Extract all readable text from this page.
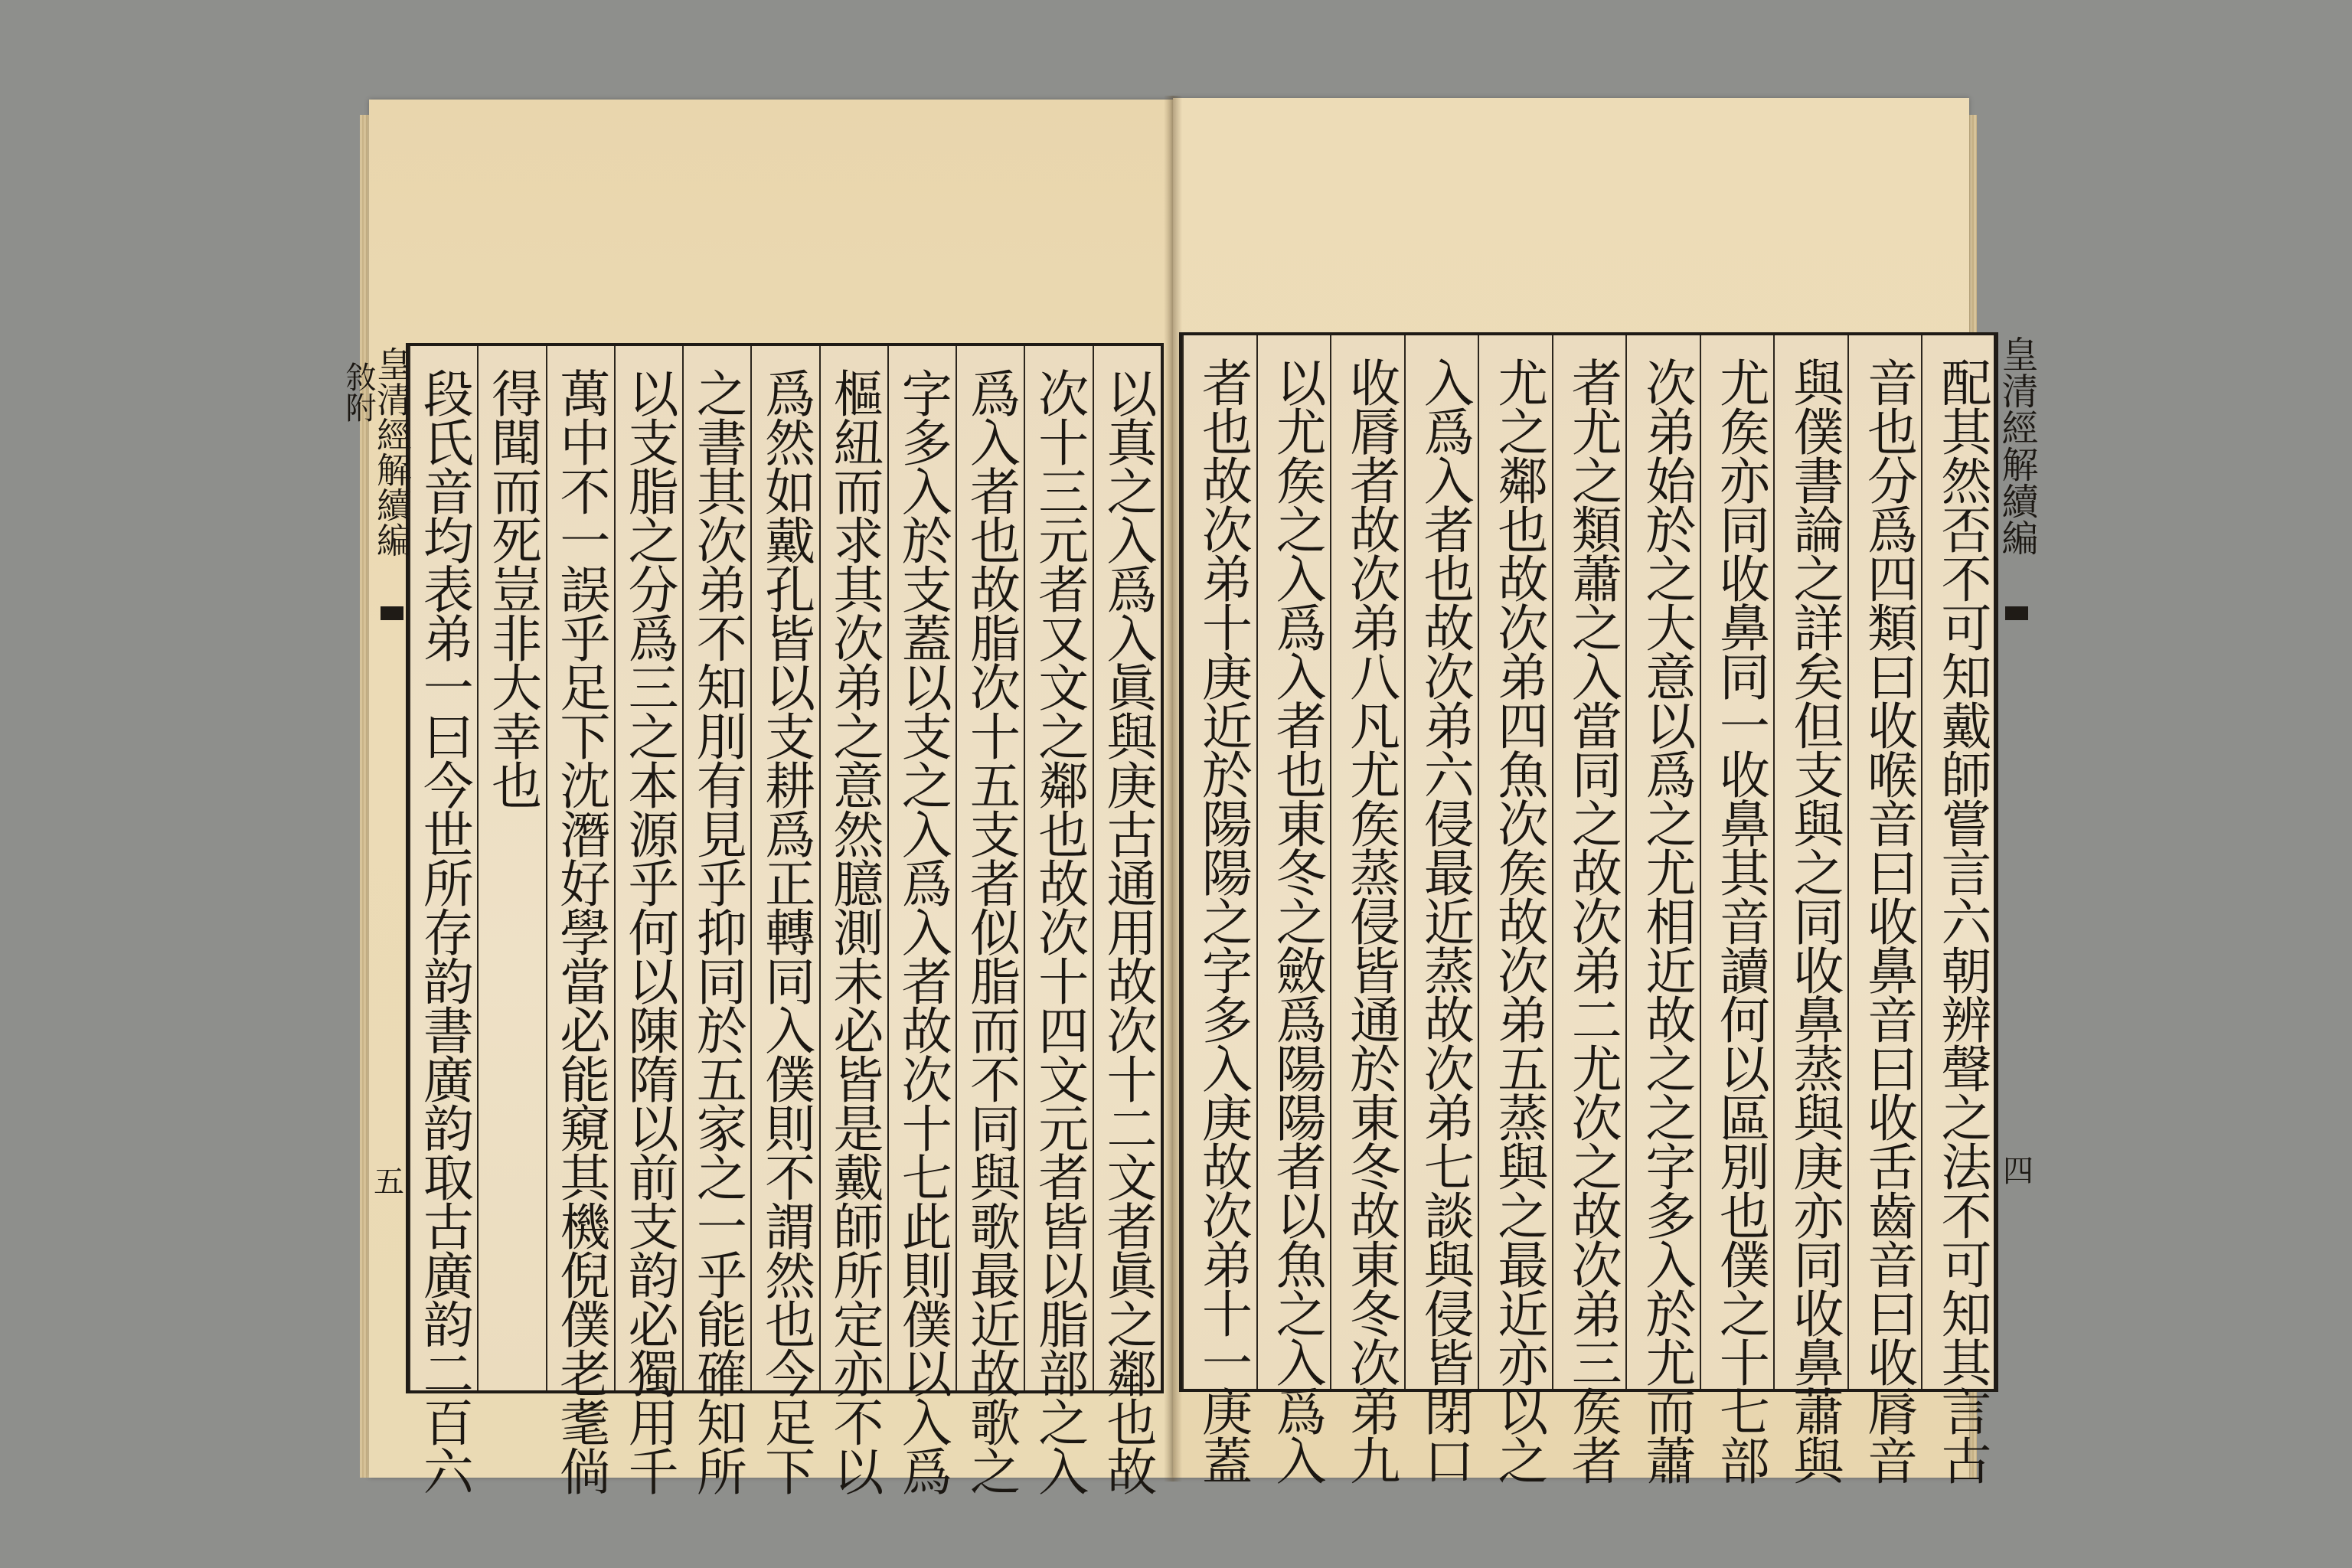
皇清經解續編
敘附
五	以真之入爲入眞與庚古通用故次十二文者眞之鄰也故
次十三元者又文之鄰也故次十四文元者皆以脂部之入
爲入者也故脂次十五支者似脂而不同與歌最近故歌之
字多入於支蓋以支之入爲入者故次十七此則僕以入爲
樞紐而求其次弟之意然臆測未必皆是戴師所定亦不以
爲然如戴孔皆以支耕爲正轉同入僕則不謂然也今足下
之書其次弟不知刖有見乎抑同於五家之一乎能確知所
以支脂之分爲三之本源乎何以陳隋以前支韵必獨用千
萬中不一誤乎足下沈潛好學當必能窺其機倪僕老耄倘
得聞而死豈非大幸也
段氏音均表弟一曰今世所存韵書廣韵取古廣韵二百六	皇清經解續編
四
配其然否不可知戴師嘗言六朝辨聲之法不可知其言古
音也分爲四類曰收喉音曰收鼻音曰收舌齒音曰收脣音
與僕書論之詳矣但支與之同收鼻蒸與庚亦同收鼻蕭與
尤矦亦同收鼻同一收鼻其音讀何以區別也僕之十七部
次弟始於之大意以爲之尤相近故之之字多入於尤而蕭
者尤之類蕭之入當同之故次弟二尤次之故次弟三矦者
尤之鄰也故次弟四魚次矦故次弟五蒸與之最近亦以之
入爲入者也故次弟六侵最近蒸故次弟七談與侵皆閉口
收脣者故次弟八凡尤矦蒸侵皆通於東冬故東冬次弟九
以尤矦之入爲入者也東冬之斂爲陽陽者以魚之入爲入
者也故次弟十庚近於陽陽之字多入庚故次弟十一庚蓋
